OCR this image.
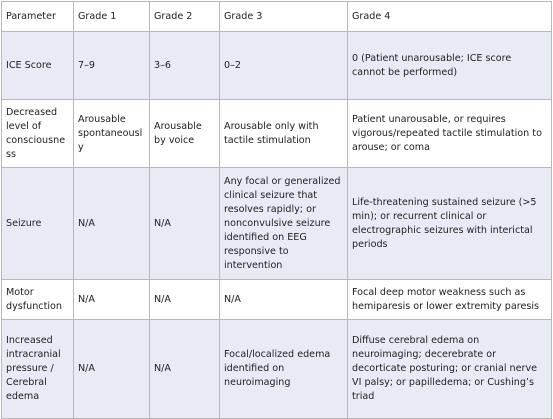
Parameter	Grade 1	Grade 2	Grade 3	Grade 4
ICE Score	7–9	3–6	0–2	0 (Patient unarousable; ICE score cannot be performed)
Decreased level of consciousness	Arousable spontaneously	Arousable by voice	Arousable only with tactile stimulation	Patient unarousable, or requires vigorous/repeated tactile stimulation to arouse; or coma
Seizure	N/A	N/A	Any focal or generalized clinical seizure that resolves rapidly; or nonconvulsive seizure identified on EEG responsive to intervention	Life-threatening sustained seizure (>5 min); or recurrent clinical or electrographic seizures with interictal periods
Motor dysfunction	N/A	N/A	N/A	Focal deep motor weakness such as hemiparesis or lower extremity paresis
Increased intracranial pressure / Cerebral edema	N/A	N/A	Focal/localized edema identified on neuroimaging	Diffuse cerebral edema on neuroimaging; decerebrate or decorticate posturing; or cranial nerve VI palsy; or papilledema; or Cushing’s triad
